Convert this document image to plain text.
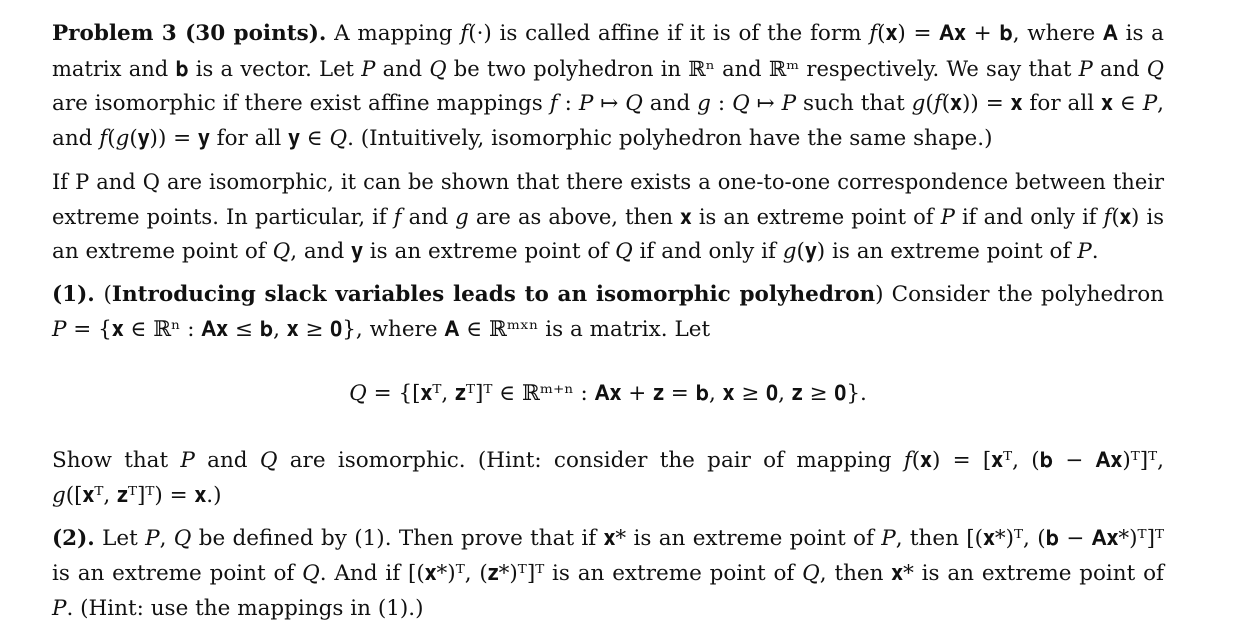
Problem 3 (30 points). A mapping 𝑓(·) is called affine if it is of the form 𝑓(𝐱) = 𝐀𝐱 + 𝐛, where 𝐀 is a
matrix and 𝐛 is a vector. Let 𝑃 and 𝑄 be two polyhedron in ℝⁿ and ℝᵐ respectively. We say that 𝑃 and 𝑄
are isomorphic if there exist affine mappings 𝑓 : 𝑃 ↦ 𝑄 and 𝑔 : 𝑄 ↦ 𝑃 such that 𝑔(𝑓(𝐱)) = 𝐱 for all 𝐱 ∈ 𝑃,
and 𝑓(𝑔(𝐲)) = 𝐲 for all 𝐲 ∈ 𝑄. (Intuitively, isomorphic polyhedron have the same shape.)
If P and Q are isomorphic, it can be shown that there exists a one-to-one correspondence between their
extreme points. In particular, if 𝑓 and 𝑔 are as above, then 𝐱 is an extreme point of 𝑃 if and only if 𝑓(𝐱) is
an extreme point of 𝑄, and 𝐲 is an extreme point of 𝑄 if and only if 𝑔(𝐲) is an extreme point of 𝑃.
(1). (Introducing slack variables leads to an isomorphic polyhedron) Consider the polyhedron
𝑃 = {𝐱 ∈ ℝⁿ : 𝐀𝐱 ≤ 𝐛, 𝐱 ≥ 𝟎}, where 𝐀 ∈ ℝᵐˣⁿ is a matrix. Let
𝑄 = {[𝐱ᵀ, 𝐳ᵀ]ᵀ ∈ ℝᵐ⁺ⁿ : 𝐀𝐱 + 𝐳 = 𝐛, 𝐱 ≥ 𝟎, 𝐳 ≥ 𝟎}.
Show that 𝑃 and 𝑄 are isomorphic. (Hint: consider the pair of mapping 𝑓(𝐱) = [𝐱ᵀ, (𝐛 − 𝐀𝐱)ᵀ]ᵀ,
𝑔([𝐱ᵀ, 𝐳ᵀ]ᵀ) = 𝐱.)
(2). Let 𝑃, 𝑄 be defined by (1). Then prove that if 𝐱* is an extreme point of 𝑃, then [(𝐱*)ᵀ, (𝐛 − 𝐀𝐱*)ᵀ]ᵀ
is an extreme point of 𝑄. And if [(𝐱*)ᵀ, (𝐳*)ᵀ]ᵀ is an extreme point of 𝑄, then 𝐱* is an extreme point of
𝑃. (Hint: use the mappings in (1).)
